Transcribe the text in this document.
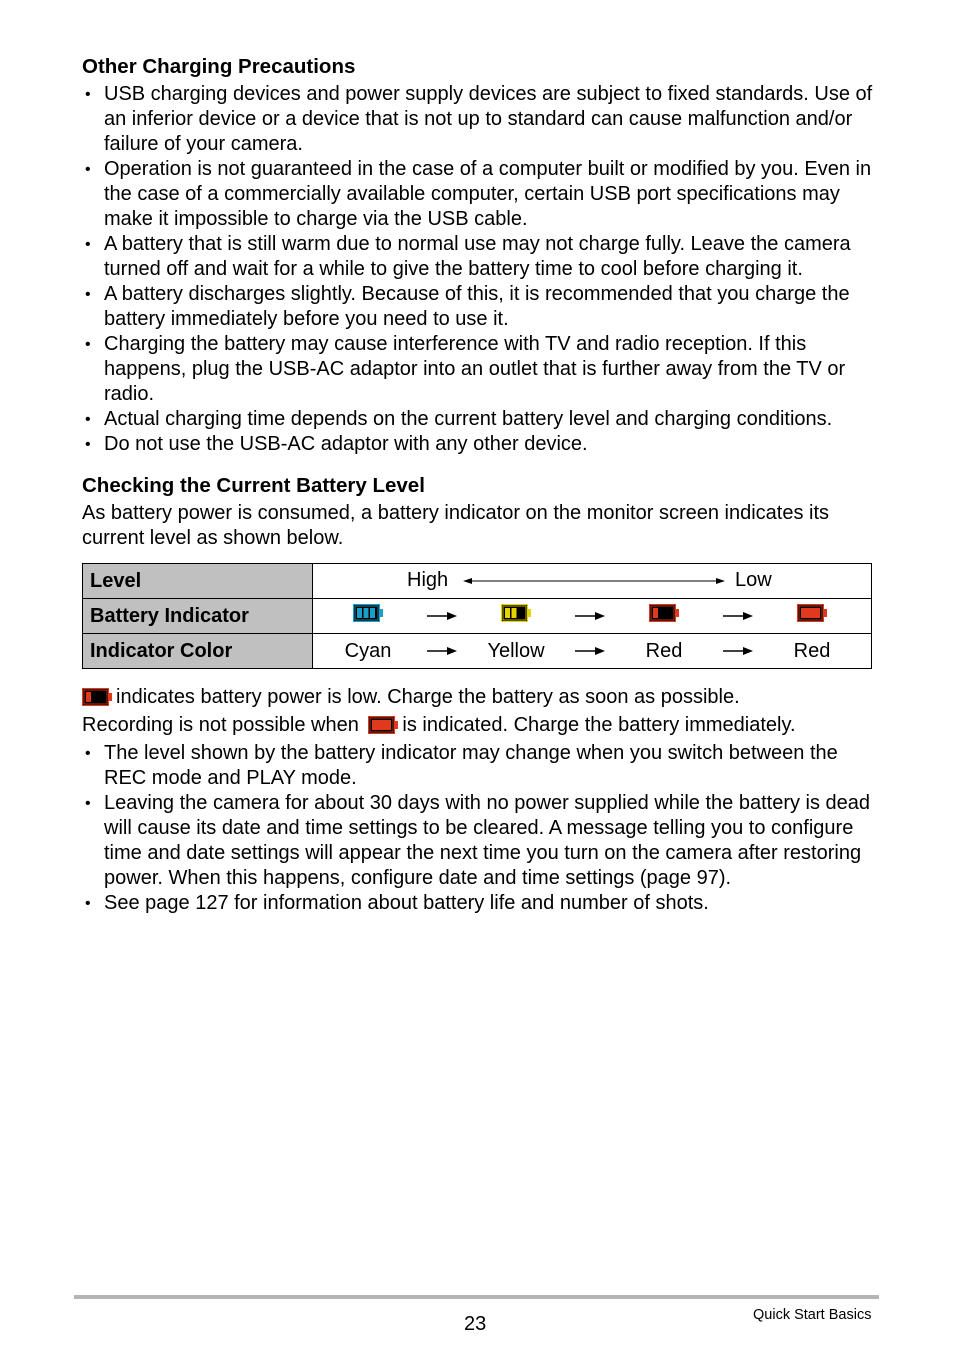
Other Charging Precautions
• USB charging devices and power supply devices are subject to fixed standards. Use of an inferior device or a device that is not up to standard can cause malfunction and/or failure of your camera.
• Operation is not guaranteed in the case of a computer built or modified by you. Even in the case of a commercially available computer, certain USB port specifications may make it impossible to charge via the USB cable.
• A battery that is still warm due to normal use may not charge fully. Leave the camera turned off and wait for a while to give the battery time to cool before charging it.
• A battery discharges slightly. Because of this, it is recommended that you charge the battery immediately before you need to use it.
• Charging the battery may cause interference with TV and radio reception. If this happens, plug the USB-AC adaptor into an outlet that is further away from the TV or radio.
• Actual charging time depends on the current battery level and charging conditions.
• Do not use the USB-AC adaptor with any other device.
Checking the Current Battery Level

As battery power is consumed, a battery indicator on the monitor screen indicates its current level as shown below.

Level	High Low

Battery Indicator	

Indicator Color	Cyan Yellow Red Red

indicates battery power is low. Charge the battery as soon as possible.

Recording is not possible when is indicated. Charge the battery immediately.

• The level shown by the battery indicator may change when you switch between the REC mode and PLAY mode.
• Leaving the camera for about 30 days with no power supplied while the battery is dead will cause its date and time settings to be cleared. A message telling you to configure time and date settings will appear the next time you turn on the camera after restoring power. When this happens, configure date and time settings (page 97).
• See page 127 for information about battery life and number of shots.
23	Quick Start Basics
